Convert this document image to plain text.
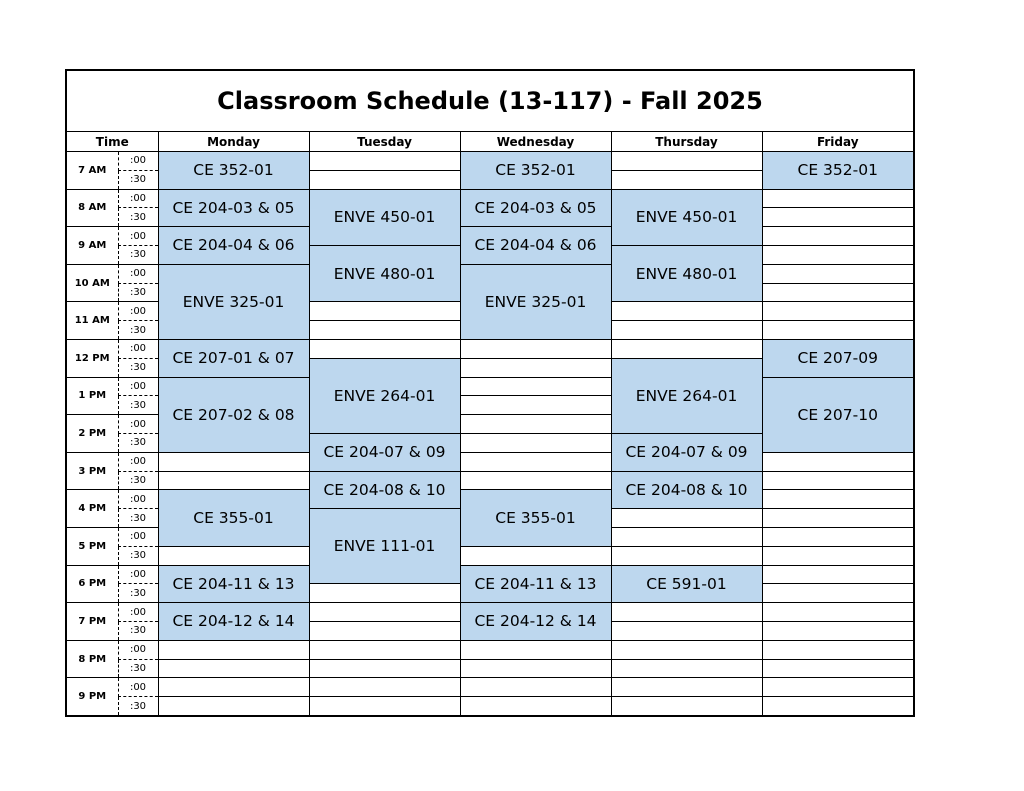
Classroom Schedule (13-117) - Fall 2025						
Time		Monday	Tuesday	Wednesday	Thursday	Friday
7 AM	:00	CE 352-01		CE 352-01		CE 352-01
	:30					
8 AM	:00	CE 204-03 & 05	ENVE 450-01	CE 204-03 & 05	ENVE 450-01	
	:30					
9 AM	:00	CE 204-04 & 06		CE 204-04 & 06		
	:30		ENVE 480-01		ENVE 480-01	
10 AM	:00	ENVE 325-01		ENVE 325-01		
	:30					
11 AM	:00					
	:30					
12 PM	:00	CE 207-01 & 07				CE 207-09
	:30		ENVE 264-01		ENVE 264-01	
1 PM	:00	CE 207-02 & 08				CE 207-10
	:30					
2 PM	:00					
	:30		CE 204-07 & 09		CE 204-07 & 09	
3 PM	:00					
	:30		CE 204-08 & 10		CE 204-08 & 10	
4 PM	:00	CE 355-01		CE 355-01		
	:30		ENVE 111-01			
5 PM	:00					
	:30					
6 PM	:00	CE 204-11 & 13		CE 204-11 & 13	CE 591-01	
	:30					
7 PM	:00	CE 204-12 & 14		CE 204-12 & 14		
	:30					
8 PM	:00					
	:30					
9 PM	:00					
	:30					
